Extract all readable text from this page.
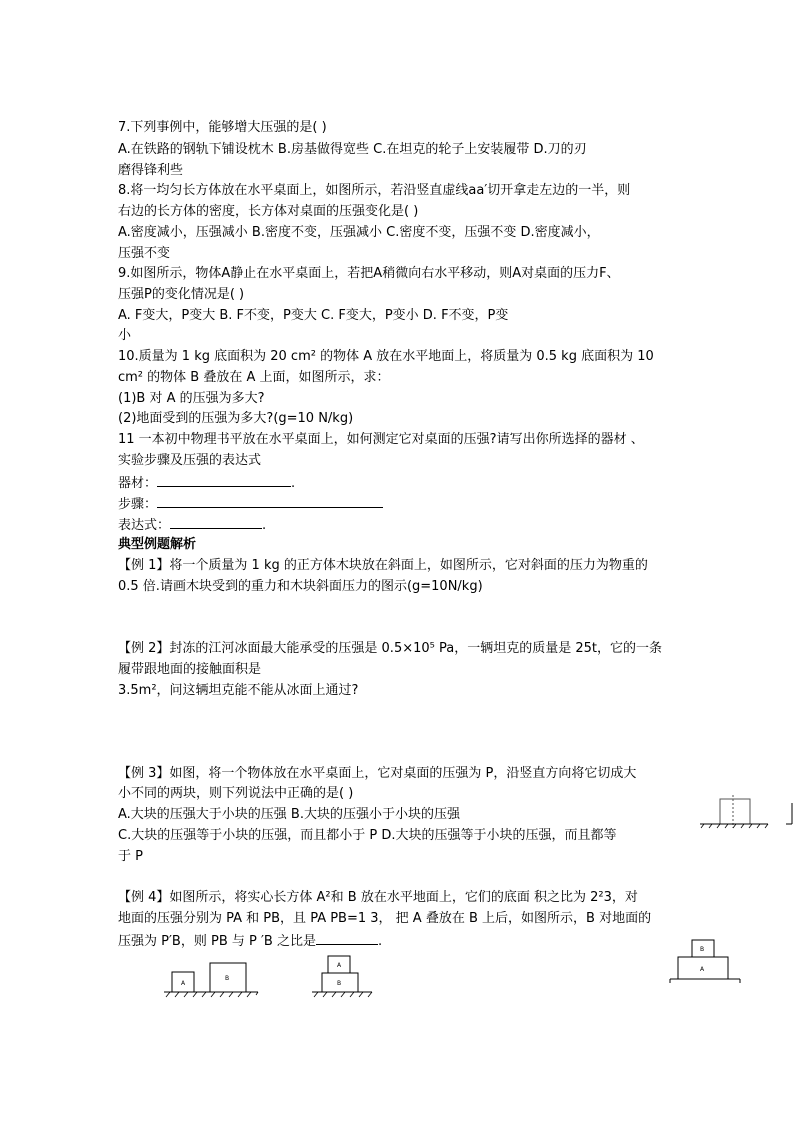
7.下列事例中，能够增大压强的是( )
A.在铁路的钢轨下铺设枕木 B.房基做得宽些 C.在坦克的轮子上安装履带 D.刀的刃
磨得锋利些
8.将一均匀长方体放在水平桌面上，如图所示，若沿竖直虚线aa′切开拿走左边的一半，则
右边的长方体的密度，长方体对桌面的压强变化是( )
A.密度减小，压强减小 B.密度不变，压强减小 C.密度不变，压强不变 D.密度减小，
压强不变
9.如图所示，物体A静止在水平桌面上，若把A稍微向右水平移动，则A对桌面的压力F、
压强P的变化情况是( )
A. F变大，P变大 B. F不变，P变大 C. F变大，P变小 D. F不变，P变
小
10.质量为 1 kg 底面积为 20 cm² 的物体 A 放在水平地面上，将质量为 0.5 kg 底面积为 10
cm² 的物体 B 叠放在 A 上面，如图所示，求：
(1)B 对 A 的压强为多大?
(2)地面受到的压强为多大?(g=10 N/kg)
11 一本初中物理书平放在水平桌面上，如何测定它对桌面的压强?请写出你所选择的器材 、
实验步骤及压强的表达式
器材：	.
步骤：
表达式：	.
典型例题解析
【例 1】将一个质量为 1 kg 的正方体木块放在斜面上，如图所示，它对斜面的压力为物重的
0.5 倍.请画木块受到的重力和木块斜面压力的图示(g=10N/kg)
【例 2】封冻的江河冰面最大能承受的压强是 0.5×10⁵ Pa，一辆坦克的质量是 25t，它的一条
履带跟地面的接触面积是
3.5m²，问这辆坦克能不能从冰面上通过?
【例 3】如图，将一个物体放在水平桌面上，它对桌面的压强为 P，沿竖直方向将它切成大
小不同的两块，则下列说法中正确的是( )
A.大块的压强大于小块的压强 B.大块的压强小于小块的压强
C.大块的压强等于小块的压强，而且都小于 P D.大块的压强等于小块的压强，而且都等
于 P
【例 4】如图所示，将实心长方体 A²和 B 放在水平地面上，它们的底面 积之比为 2²3，对
地面的压强分别为 PA 和 PB，且 PA PB=1 3， 把 A 叠放在 B 上后，如图所示，B 对地面的
压强为 P′B，则 PB 与 P ′B 之比是	.
A
B
A
B
B
A
